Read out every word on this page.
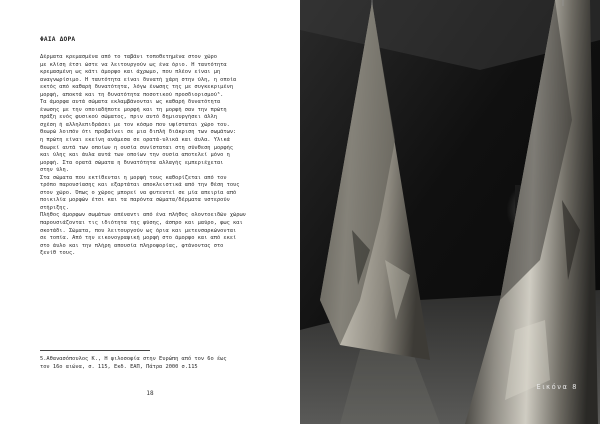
ΦΑΙΑ ΔΟΡΑ
Δέρματα κρεμασμένα από το ταβάνι τοποθετημένα στον χώρο
με κλίση έτσι ώστε να λειτουργούν ως ένα όριο. Η ταυτότητα
κρεμασμένη ως κάτι άμορφο και άχρωμο, που πλέον είναι μη
αναγνωρίσιμο. Η ταυτότητα είναι δυνατή χάρη στην ύλη, η οποία
εκτός από καθαρή δυνατότητα, λόγω ένωσης της με συγκεκριμένη
μορφή, αποκτά και τη δυνατότητα ποσοτικού προσδιορισμού⁵.
Τα άμορφα αυτά σώματα εκλαμβάνονται ως καθαρή δυνατότητα
ένωσης με την οποιαδήποτε μορφή και τη μορφή σαν την πρώτη
πράξη ενός φυσικού σώματος, πριν αυτό δημιουργήσει άλλη
σχέση ή αλληλεπιδράσει με τον κόσμο που υφίσταται χώρο του.
Θεωρώ λοιπόν ότι προβαίνει σε μια διπλή διάκριση των σωμάτων:
η πρώτη είναι εκείνη ανάμεσα σε ορατά-υλικά και άυλα. Υλικά
θεωρεί αυτά των οποίων η ουσία συνίσταται στη σύνθεση μορφής
και ύλης και άυλα αυτά των οποίων την ουσία αποτελεί μόνο η
μορφή. Στα ορατά σώματα η δυνατότητα αλλαγής εμπεριέχεται
στην ύλη.
Στα σώματα που εκτίθενται η μορφή τους καθορίζεται από τον
τρόπο παρουσίασης και εξαρτάται αποκλειστικά από την θέση τους
στον χώρο. Όπως ο χώρος μπορεί να φυτευτεί σε μία απειρία από
ποικιλία μορφών έτσι και τα παρόντα σώματα/δέρματα υστερούν
στήριξης.
Πλήθος άμορφων σωμάτων απέναντι από ένα πλήθος ολοντοειδών χώρων
παρουσιάζονται τις ιδιότητα της φύσης, άσπρο και μαύρο, φως και
σκοτάδι. Σώματα, που λειτουργούν ως όρια και μετενσαρκώνονται
σε τοπία. Από την εικονογραφική μορφή στο άμορφο και από εκεί
στο άυλο και την πλήρη απουσία πληροφορίας, φτάνοντας στο
ξενίθ τους.
5.Αθανασόπουλος Κ., Η φιλοσοφία στην Ευρώπη από τον 6ο έως
τον 16ο αιώνα, σ. 115, Εκδ. ΕΑΠ, Πάτρα 2000 σ.115
18
Εικόνα 8
